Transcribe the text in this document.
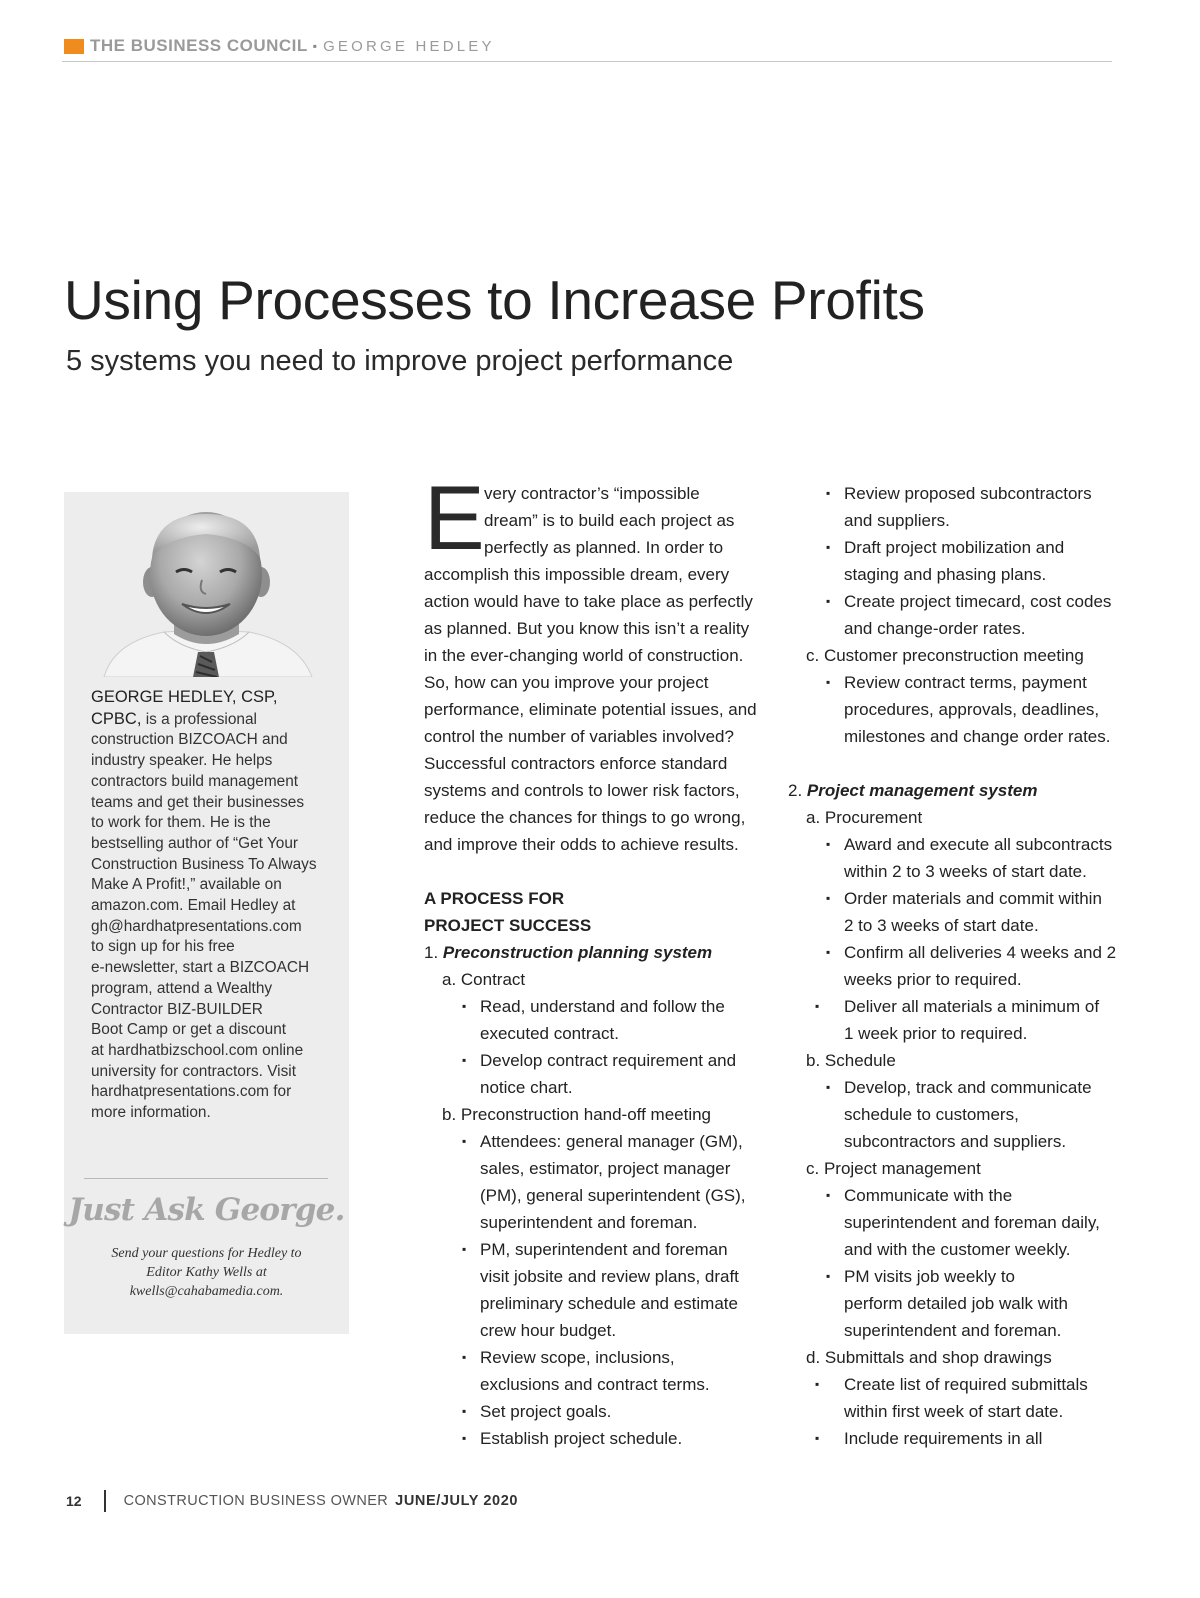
THE BUSINESS COUNCIL ▪ GEORGE HEDLEY
Using Processes to Increase Profits
5 systems you need to improve project performance
GEORGE HEDLEY, CSP,
CPBC, is a professional
construction BIZCOACH and
industry speaker. He helps
contractors build management
teams and get their businesses
to work for them. He is the
bestselling author of “Get Your
Construction Business To Always
Make A Profit!,” available on
amazon.com. Email Hedley at
gh@hardhatpresentations.com
to sign up for his free
e-newsletter, start a BIZCOACH
program, attend a Wealthy
Contractor BIZ-BUILDER
Boot Camp or get a discount
at hardhatbizschool.com online
university for contractors. Visit
hardhatpresentations.com for
more information.
Just Ask George.
Send your questions for Hedley to
Editor Kathy Wells at
kwells@cahabamedia.com.
E very contractor’s “impossible
dream” is to build each project as
perfectly as planned. In order to
accomplish this impossible dream, every
action would have to take place as perfectly
as planned. But you know this isn’t a reality
in the ever-changing world of construction.
So, how can you improve your project
performance, eliminate potential issues, and
control the number of variables involved?
Successful contractors enforce standard
systems and controls to lower risk factors,
reduce the chances for things to go wrong,
and improve their odds to achieve results.
A PROCESS FOR
PROJECT SUCCESS
1. Preconstruction planning system
a. Contract
▪ Read, understand and follow the
executed contract.
▪ Develop contract requirement and
notice chart.
b. Preconstruction hand-off meeting
▪ Attendees: general manager (GM),
sales, estimator, project manager
(PM), general superintendent (GS),
superintendent and foreman.
▪ PM, superintendent and foreman
visit jobsite and review plans, draft
preliminary schedule and estimate
crew hour budget.
▪ Review scope, inclusions,
exclusions and contract terms.
▪ Set project goals.
▪ Establish project schedule.
▪ Review proposed subcontractors
and suppliers.
▪ Draft project mobilization and
staging and phasing plans.
▪ Create project timecard, cost codes
and change-order rates.
c. Customer preconstruction meeting
▪ Review contract terms, payment
procedures, approvals, deadlines,
milestones and change order rates.
2. Project management system
a. Procurement
▪ Award and execute all subcontracts
within 2 to 3 weeks of start date.
▪ Order materials and commit within
2 to 3 weeks of start date.
▪ Confirm all deliveries 4 weeks and 2
weeks prior to required.
▪ Deliver all materials a minimum of
1 week prior to required.
b. Schedule
▪ Develop, track and communicate
schedule to customers,
subcontractors and suppliers.
c. Project management
▪ Communicate with the
superintendent and foreman daily,
and with the customer weekly.
▪ PM visits job weekly to
perform detailed job walk with
superintendent and foreman.
d. Submittals and shop drawings
▪ Create list of required submittals
within first week of start date.
▪ Include requirements in all
12	CONSTRUCTION BUSINESS OWNER JUNE/JULY 2020
